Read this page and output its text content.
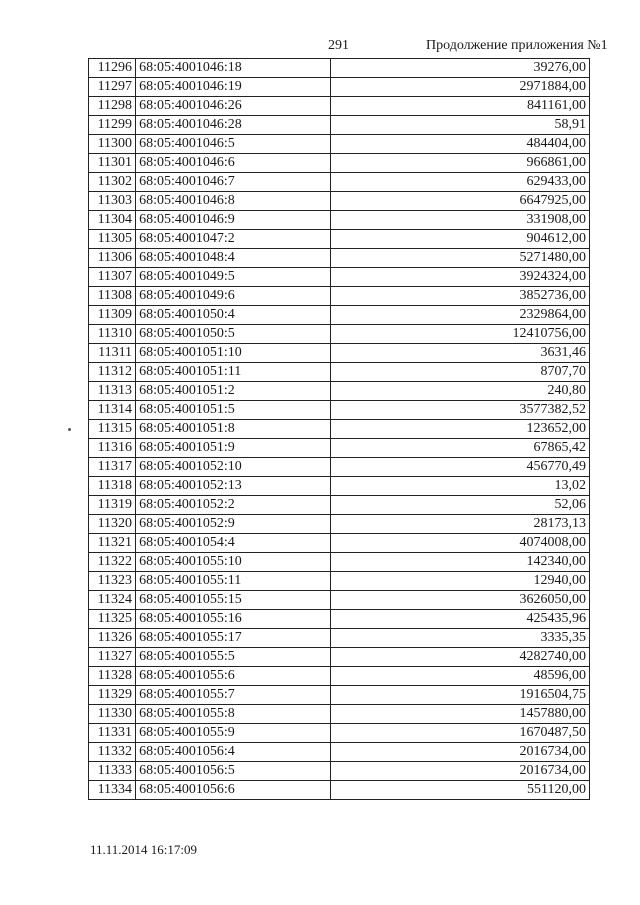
291	Продолжение приложения №1
11296	68:05:4001046:18	39276,00
11297	68:05:4001046:19	2971884,00
11298	68:05:4001046:26	841161,00
11299	68:05:4001046:28	58,91
11300	68:05:4001046:5	484404,00
11301	68:05:4001046:6	966861,00
11302	68:05:4001046:7	629433,00
11303	68:05:4001046:8	6647925,00
11304	68:05:4001046:9	331908,00
11305	68:05:4001047:2	904612,00
11306	68:05:4001048:4	5271480,00
11307	68:05:4001049:5	3924324,00
11308	68:05:4001049:6	3852736,00
11309	68:05:4001050:4	2329864,00
11310	68:05:4001050:5	12410756,00
11311	68:05:4001051:10	3631,46
11312	68:05:4001051:11	8707,70
11313	68:05:4001051:2	240,80
11314	68:05:4001051:5	3577382,52
11315	68:05:4001051:8	123652,00
11316	68:05:4001051:9	67865,42
11317	68:05:4001052:10	456770,49
11318	68:05:4001052:13	13,02
11319	68:05:4001052:2	52,06
11320	68:05:4001052:9	28173,13
11321	68:05:4001054:4	4074008,00
11322	68:05:4001055:10	142340,00
11323	68:05:4001055:11	12940,00
11324	68:05:4001055:15	3626050,00
11325	68:05:4001055:16	425435,96
11326	68:05:4001055:17	3335,35
11327	68:05:4001055:5	4282740,00
11328	68:05:4001055:6	48596,00
11329	68:05:4001055:7	1916504,75
11330	68:05:4001055:8	1457880,00
11331	68:05:4001055:9	1670487,50
11332	68:05:4001056:4	2016734,00
11333	68:05:4001056:5	2016734,00
11334	68:05:4001056:6	551120,00
11.11.2014 16:17:09
